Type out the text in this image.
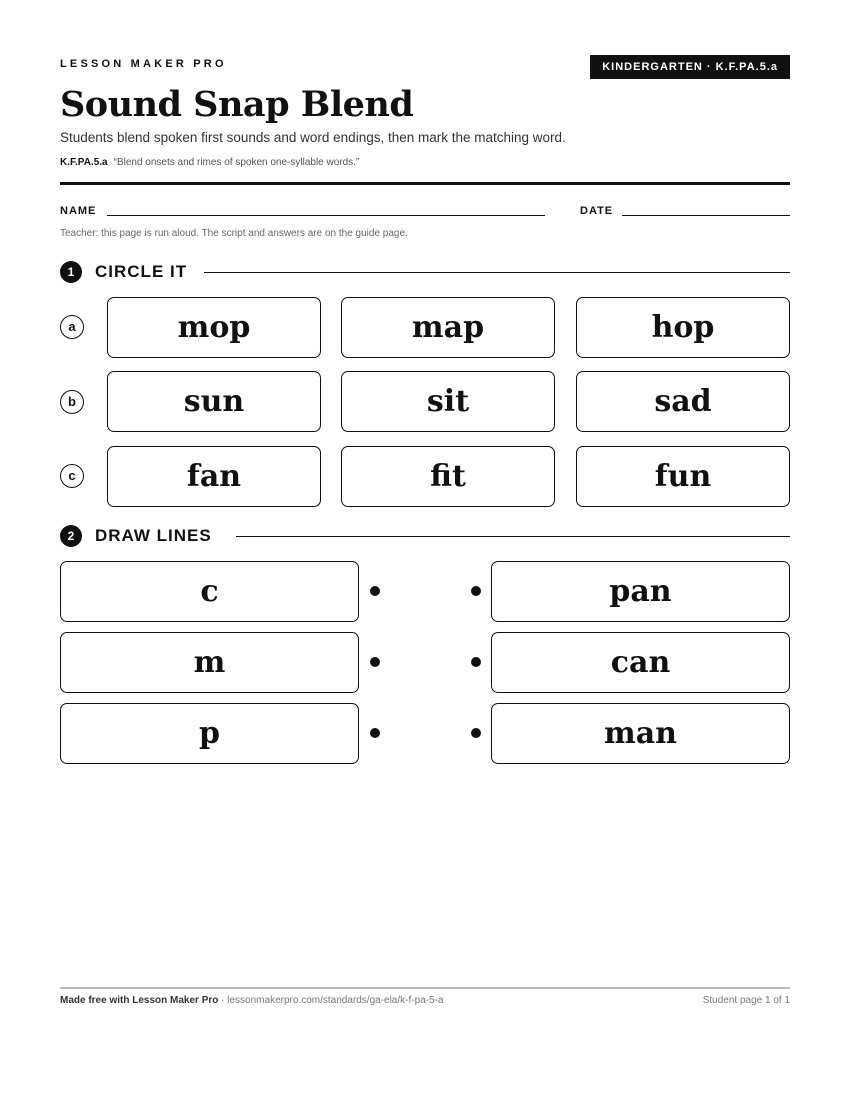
LESSON MAKER PRO	KINDERGARTEN · K.F.PA.5.a
Sound Snap Blend
Students blend spoken first sounds and word endings, then mark the matching word.
K.F.PA.5.a “Blend onsets and rimes of spoken one-syllable words.”
NAME	DATE
Teacher: this page is run aloud. The script and answers are on the guide page.
1	CIRCLE IT
a	mop	map	hop
b	sun	sit	sad
c	fan	fit	fun
2	DRAW LINES
c	pan
m	can
p	man
Made free with Lesson Maker Pro · lessonmakerpro.com/standards/ga-ela/k-f-pa-5-a	Student page 1 of 1
